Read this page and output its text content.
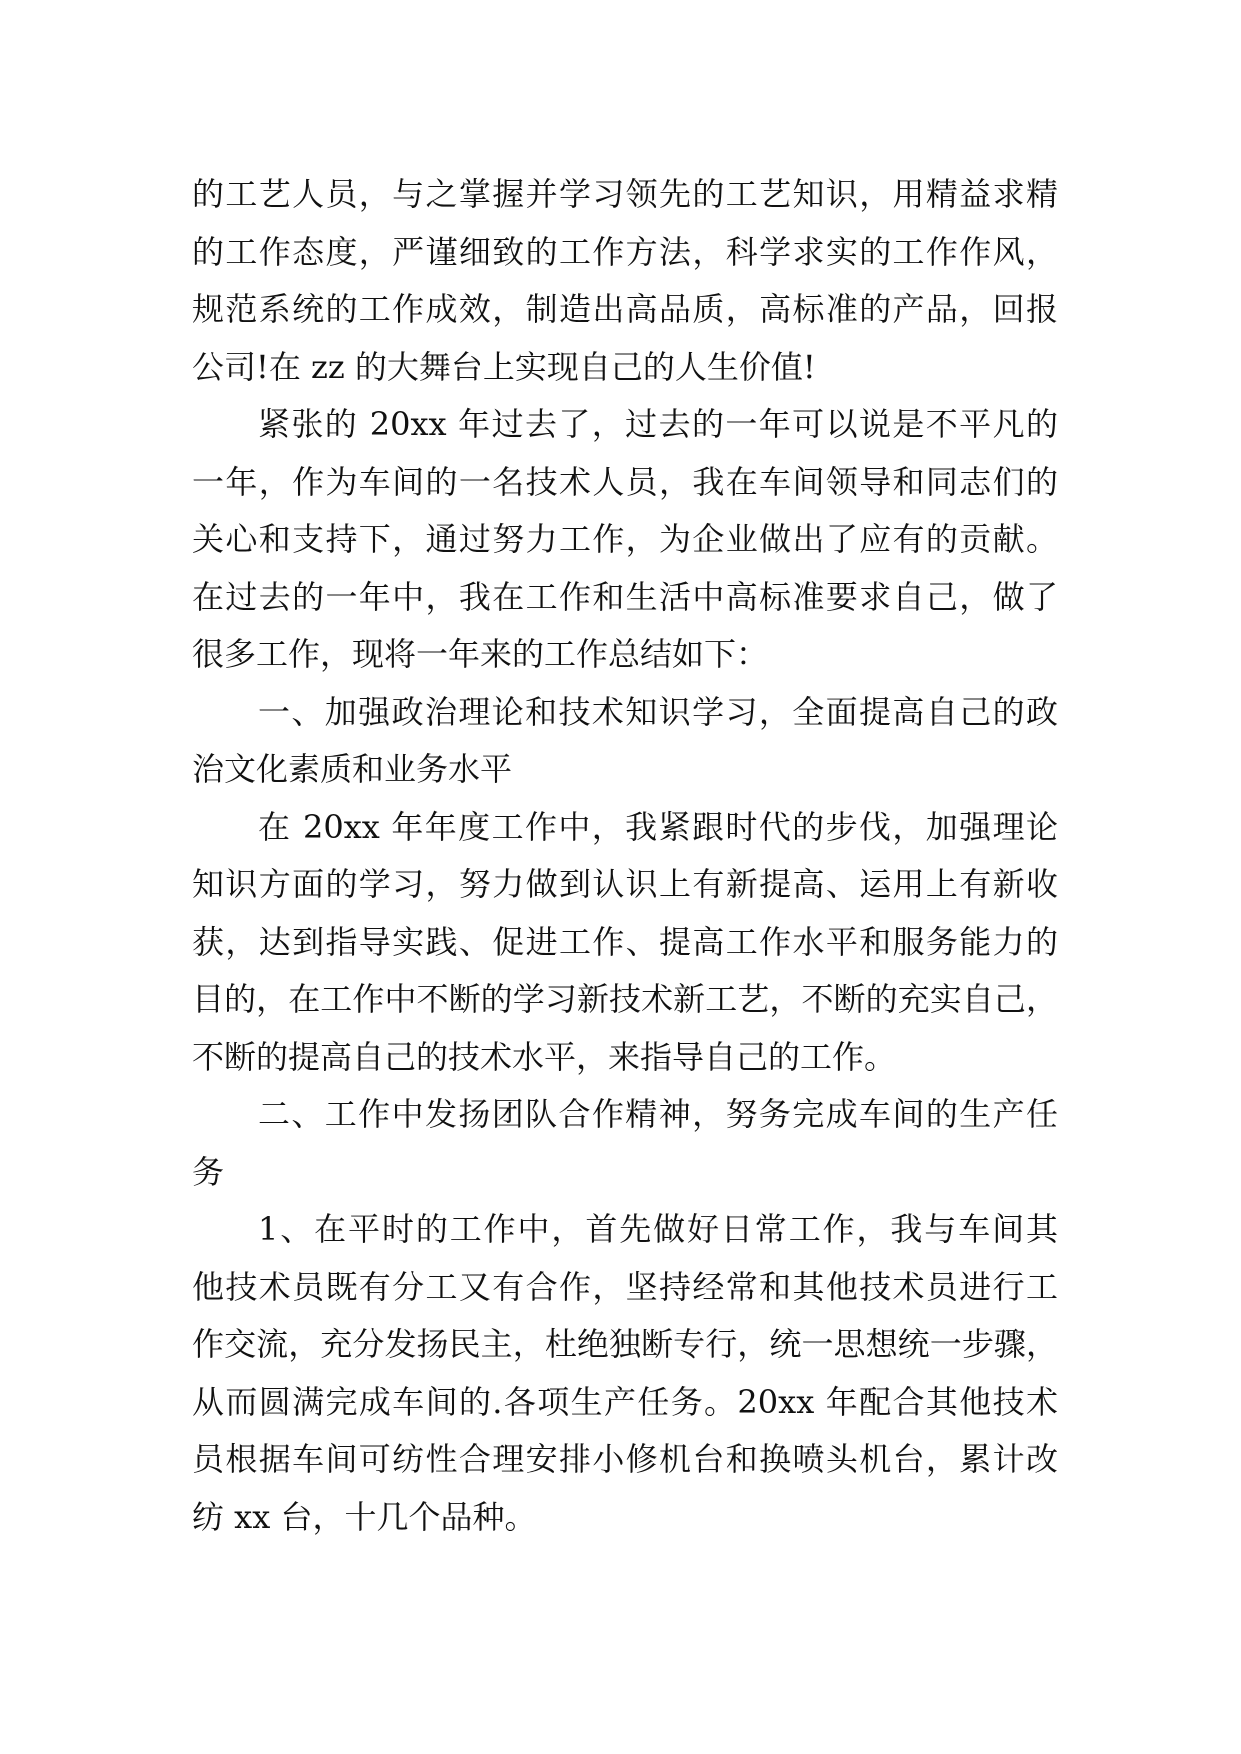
的工艺人员，与之掌握并学习领先的工艺知识，用精益求精
的工作态度，严谨细致的工作方法，科学求实的工作作风，
规范系统的工作成效，制造出高品质，高标准的产品，回报
公司!在 zz 的大舞台上实现自己的人生价值!
紧张的 20xx 年过去了，过去的一年可以说是不平凡的
一年，作为车间的一名技术人员，我在车间领导和同志们的
关心和支持下，通过努力工作，为企业做出了应有的贡献。
在过去的一年中，我在工作和生活中高标准要求自己，做了
很多工作，现将一年来的工作总结如下：
一、加强政治理论和技术知识学习，全面提高自己的政
治文化素质和业务水平
在 20xx 年年度工作中，我紧跟时代的步伐，加强理论
知识方面的学习，努力做到认识上有新提高、运用上有新收
获，达到指导实践、促进工作、提高工作水平和服务能力的
目的，在工作中不断的学习新技术新工艺，不断的充实自己，
不断的提高自己的技术水平，来指导自己的工作。
二、工作中发扬团队合作精神，努务完成车间的生产任
务
1、在平时的工作中，首先做好日常工作，我与车间其
他技术员既有分工又有合作，坚持经常和其他技术员进行工
作交流，充分发扬民主，杜绝独断专行，统一思想统一步骤，
从而圆满完成车间的.各项生产任务。20xx 年配合其他技术
员根据车间可纺性合理安排小修机台和换喷头机台，累计改
纺 xx 台，十几个品种。
